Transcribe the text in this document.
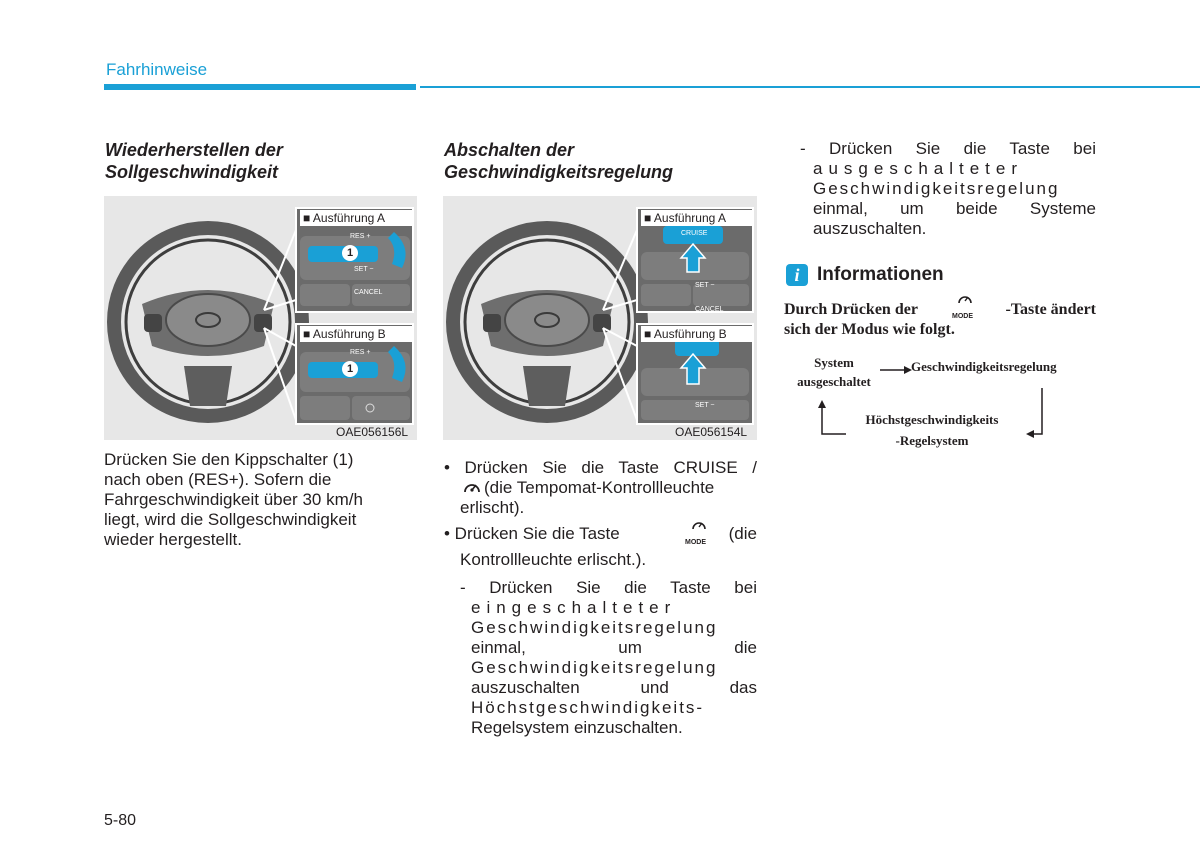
Fahrhinweise
Wiederherstellen der
Sollgeschwindigkeit
■ Ausführung A
RES +
SET −
CANCEL
1
■ Ausführung B
RES +
1
OAE056156L
Drücken Sie den Kippschalter (1)
nach oben (RES+). Sofern die
Fahrgeschwindigkeit über 30 km/h
liegt, wird die Sollgeschwindigkeit
wieder hergestellt.
Abschalten der
Geschwindigkeitsregelung
■ Ausführung A
CRUISE
SET −
CANCEL
■ Ausführung B
SET −
OAE056154L
• Drücken Sie die Taste CRUISE /
(die Tempomat-Kontrollleuchte
erlischt).
• Drücken Sie die Taste	MODE (die
Kontrollleuchte erlischt.).
- Drücken Sie die Taste bei
eingeschalteter
Geschwindigkeitsregelung
einmal, um die
Geschwindigkeitsregelung
auszuschalten und das
Höchstgeschwindigkeits-
Regelsystem einzuschalten.
- Drücken Sie die Taste bei
ausgeschalteter
Geschwindigkeitsregelung
einmal, um beide Systeme
auszuschalten.
i Informationen
Durch Drücken der	MODE -Taste ändert
sich der Modus wie folgt.
System
ausgeschaltet
Geschwindigkeitsregelung
Höchstgeschwindigkeits
-Regelsystem
5-80
